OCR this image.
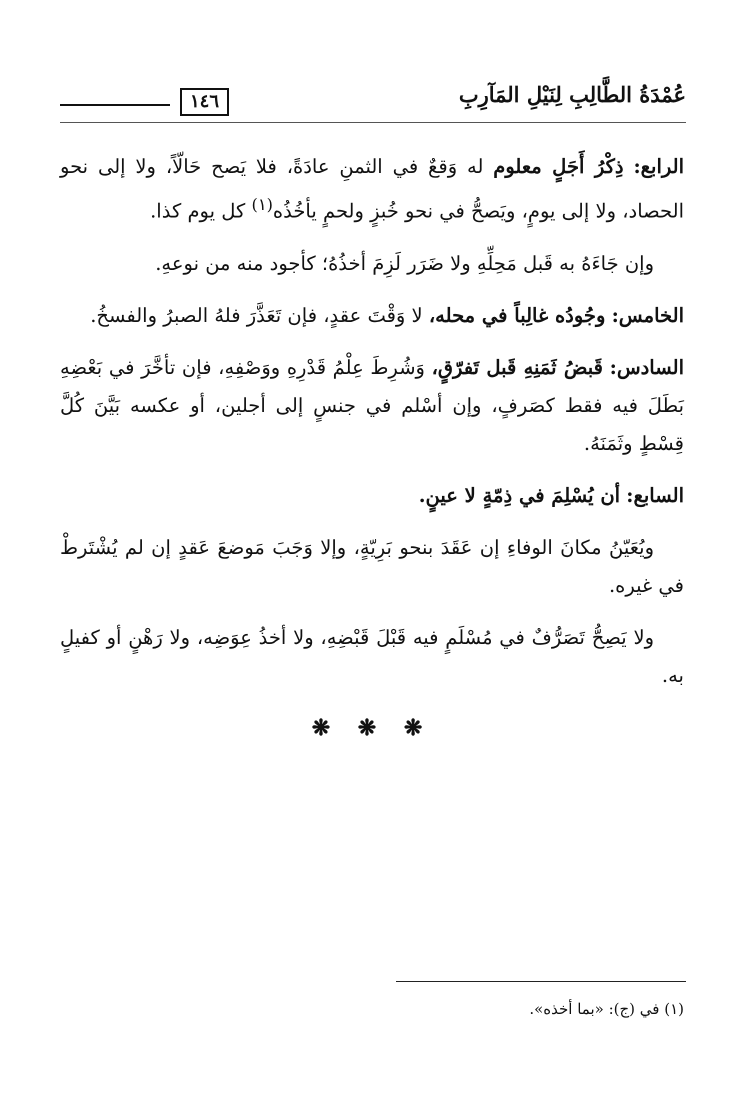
عُمْدَةُ الطَّالِبِ لِنَيْلِ المَآرِبِ
١٤٦

الرابع: ذِكْرُ أَجَلٍ معلوم له وَقعٌ في الثمنِ عادَةً، فلا يَصح حَالّاً، ولا إلى نحو الحصاد، ولا إلى يومٍ، ويَصحُّ في نحو خُبزٍ ولحمٍ يأخُذُه$^{(١)}$ كل يوم كذا.

وإن جَاءَهُ به قَبل مَحِلِّهِ ولا ضَرَر لَزِمَ أخذُهُ؛ كأجود منه من نوعهِ.

الخامس: وجُودُه غالِباً في محله، لا وَقْتَ عقدٍ، فإن تَعَذَّرَ فلهُ الصبرُ والفسخُ.

السادس: قَبضُ ثَمَنِهِ قَبل تَفرّقٍ، وَشُرِطَ عِلْمُ قَدْرِهِ ووَصْفِهِ، فإن تأخَّرَ في بَعْضِهِ بَطَلَ فيه فقط كصَرفٍ، وإن أسْلم في جنسٍ إلى أجلين، أو عكسه بَيَّنَ كُلَّ قِسْطٍ وثَمَنَهُ.

السابع: أن يُسْلِمَ في ذِمّةٍ لا عينٍ.

ويُعَيّنُ مكانَ الوفاءِ إن عَقَدَ بنحو بَرِيّةٍ، وإلا وَجَبَ مَوضعَ عَقدٍ إن لم يُشْتَرطْ في غيره.

ولا يَصِحُّ تَصَرُّفٌ في مُسْلَمٍ فيه قَبْلَ قَبْضِهِ، ولا أخذُ عِوَضِه، ولا رَهْنٍ أو كفيلٍ به.

❋ ❋ ❋
(١) في (ج): «بما أخذه».
